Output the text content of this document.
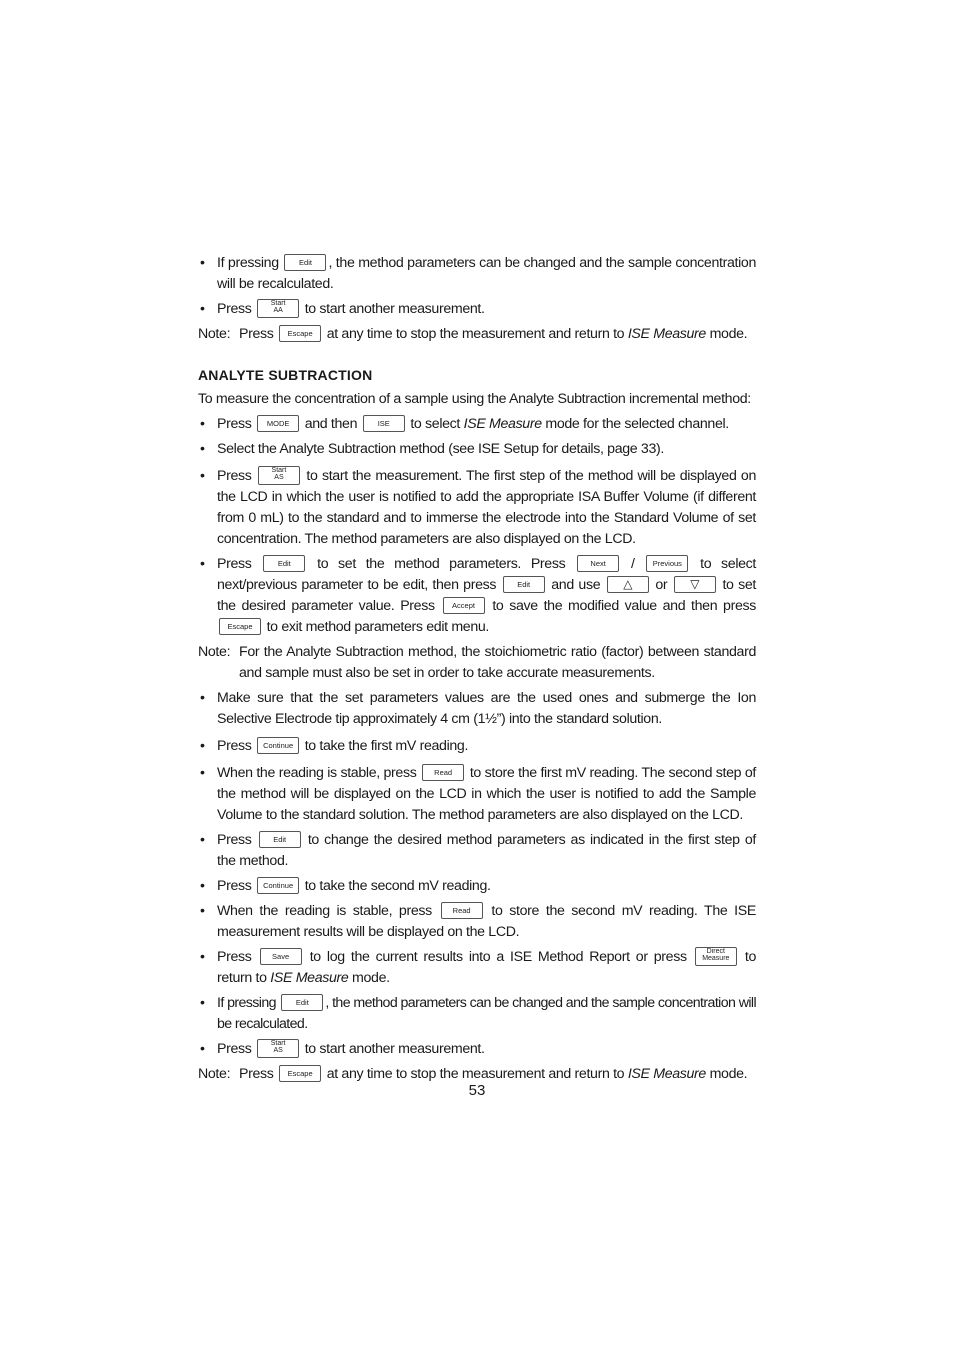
• If pressing	Edit , the method parameters can be changed and the sample concentration will be recalculated.
• Press	Start
AA to start another measurement.
Note: Press Escape at any time to stop the measurement and return to ISE Measure mode.
ANALYTE SUBTRACTION
To measure the concentration of a sample using the Analyte Subtraction incremental method:
• Press MODE and then	ISE to select ISE Measure mode for the selected channel.
• Select the Analyte Subtraction method (see ISE Setup for details, page 33).
• Press	Start
AS to start the measurement. The first step of the method will be displayed on the LCD in which the user is notified to add the appropriate ISA Buffer Volume (if different from 0 mL) to the standard and to immerse the electrode into the Standard Volume of set concentration. The method parameters are also displayed on the LCD.
• Press	Edit to set the method parameters. Press	Next / Previous to select next/previous parameter to be edit, then press	Edit and use △ or ▽ to set the desired parameter value. Press Accept to save the modified value and then press Escape to exit method parameters edit menu.
Note: For the Analyte Subtraction method, the stoichiometric ratio (factor) between standard and sample must also be set in order to take accurate measurements.
• Make sure that the set parameters values are the used ones and submerge the Ion Selective Electrode tip approximately 4 cm (1½”) into the standard solution.
• Press Continue to take the first mV reading.
• When the reading is stable, press Read to store the first mV reading. The second step of the method will be displayed on the LCD in which the user is notified to add the Sample Volume to the standard solution. The method parameters are also displayed on the LCD.
• Press	Edit to change the desired method parameters as indicated in the first step of the method.
• Press Continue to take the second mV reading.
• When the reading is stable, press	Read to store the second mV reading. The ISE measurement results will be displayed on the LCD.
• Press	Save to log the current results into a ISE Method Report or press	Direct
Measure to return to ISE Measure mode.
• If pressing	Edit , the method parameters can be changed and the sample concentration will be recalculated.
• Press	Start
AS to start another measurement.
Note: Press Escape at any time to stop the measurement and return to ISE Measure mode.
53
